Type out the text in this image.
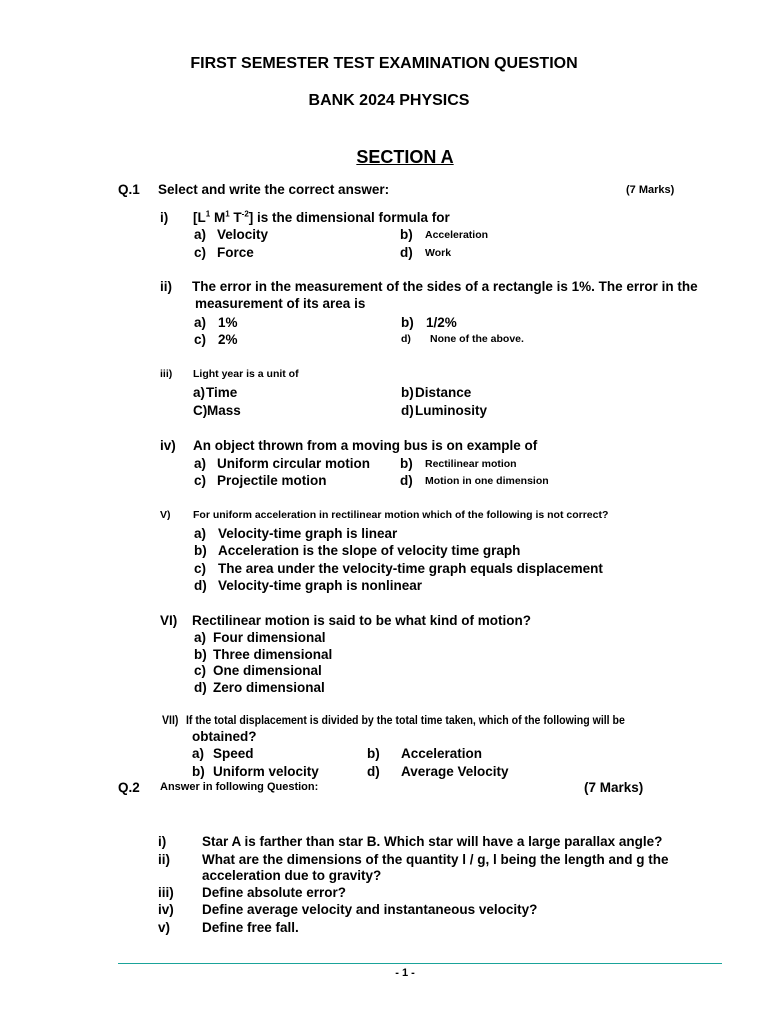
FIRST SEMESTER TEST EXAMINATION QUESTION
BANK 2024 PHYSICS
SECTION A
Q.1 Select and write the correct answer:	(7 Marks)
i) [$L^1$ $M^1$ $T^{-2}$] is the dimensional formula for
a) Velocity	b) Acceleration
c) Force	d) Work
ii) The error in the measurement of the sides of a rectangle is 1%. The error in the
measurement of its area is
a) 1%	b) 1/2%
c) 2%	d) None of the above.
iii) Light year is a unit of
a) Time	b) Distance
C) Mass	d) Luminosity
iv) An object thrown from a moving bus is on example of
a) Uniform circular motion b) Rectilinear motion
c) Projectile motion	d) Motion in one dimension
V) For uniform acceleration in rectilinear motion which of the following is not correct?
a) Velocity-time graph is linear
b) Acceleration is the slope of velocity time graph
c) The area under the velocity-time graph equals displacement
d) Velocity-time graph is nonlinear
VI) Rectilinear motion is said to be what kind of motion?
a) Four dimensional
b) Three dimensional
c) One dimensional
d) Zero dimensional
VII) If the total displacement is divided by the total time taken, which of the following will be
obtained?
a) Speed	b) Acceleration
b) Uniform velocity	d) Average Velocity
Q.2 Answer in following Question:	(7 Marks)
i)	Star A is farther than star B. Which star will have a large parallax angle?
ii) What are the dimensions of the quantity l / g, l being the length and g the
acceleration due to gravity?
iii) Define absolute error?
iv) Define average velocity and instantaneous velocity?
v) Define free fall.
- 1 -
